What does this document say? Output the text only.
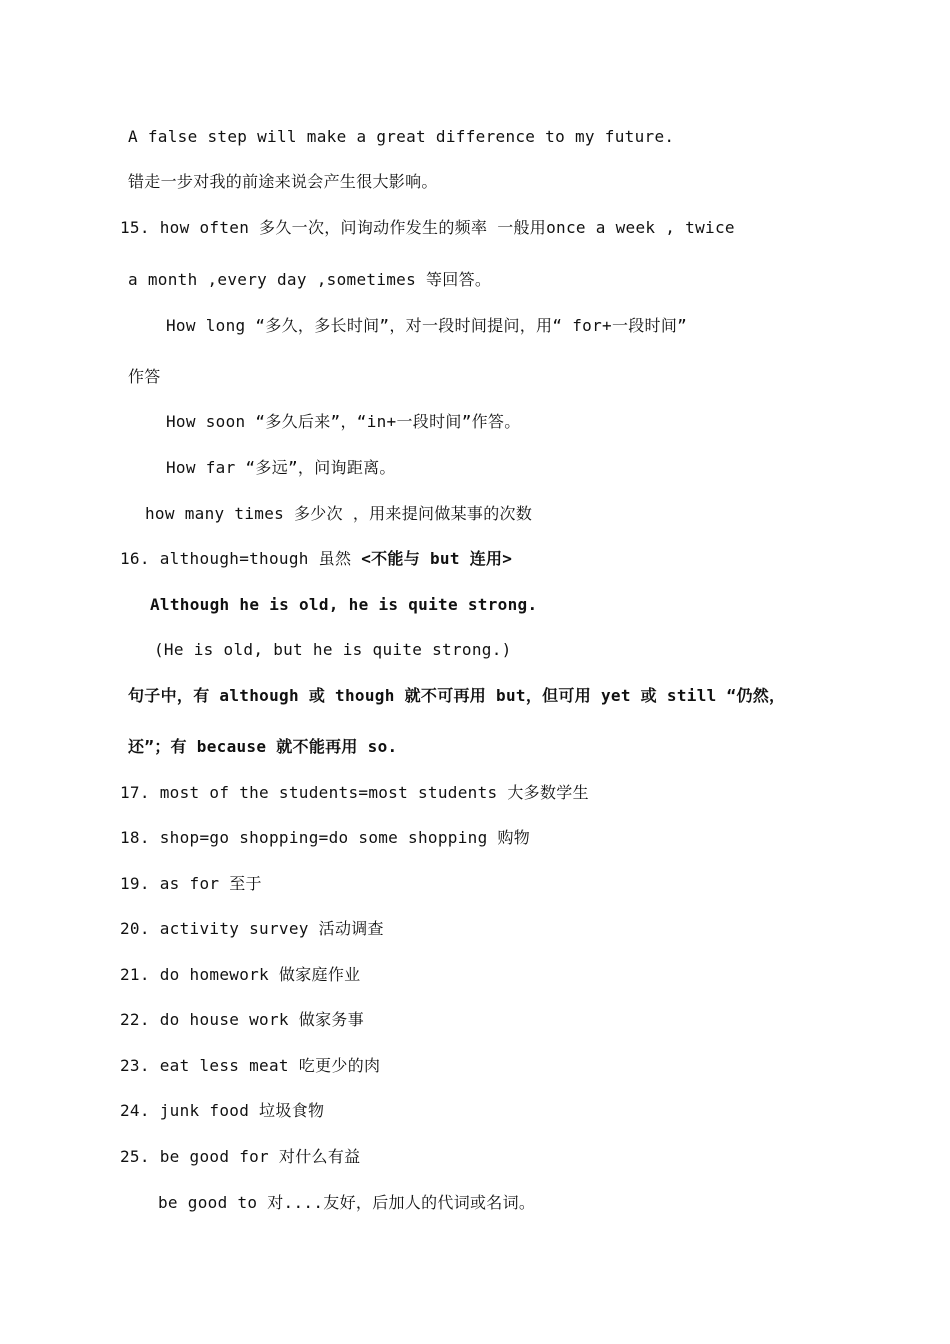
A false step will make a great difference to my future.
错走一步对我的前途来说会产生很大影响。
15. how often 多久一次，问询动作发生的频率 一般用once a week , twice
a month ,every day ,sometimes 等回答。
How long “多久，多长时间”，对一段时间提问，用“ for+一段时间”
作答
How soon “多久后来”，“in+一段时间”作答。
How far “多远”，问询距离。
how many times 多少次 ，用来提问做某事的次数
16. although=though 虽然 <不能与 but 连用>
Although he is old, he is quite strong.
(He is old, but he is quite strong.)
句子中，有 although 或 though 就不可再用 but，但可用 yet 或 still “仍然，
还”；有 because 就不能再用 so.
17. most of the students=most students 大多数学生
18. shop=go shopping=do some shopping 购物
19. as for 至于
20. activity survey 活动调查
21. do homework 做家庭作业
22. do house work 做家务事
23. eat less meat 吃更少的肉
24. junk food 垃圾食物
25. be good for 对什么有益
be good to 对....友好，后加人的代词或名词。
